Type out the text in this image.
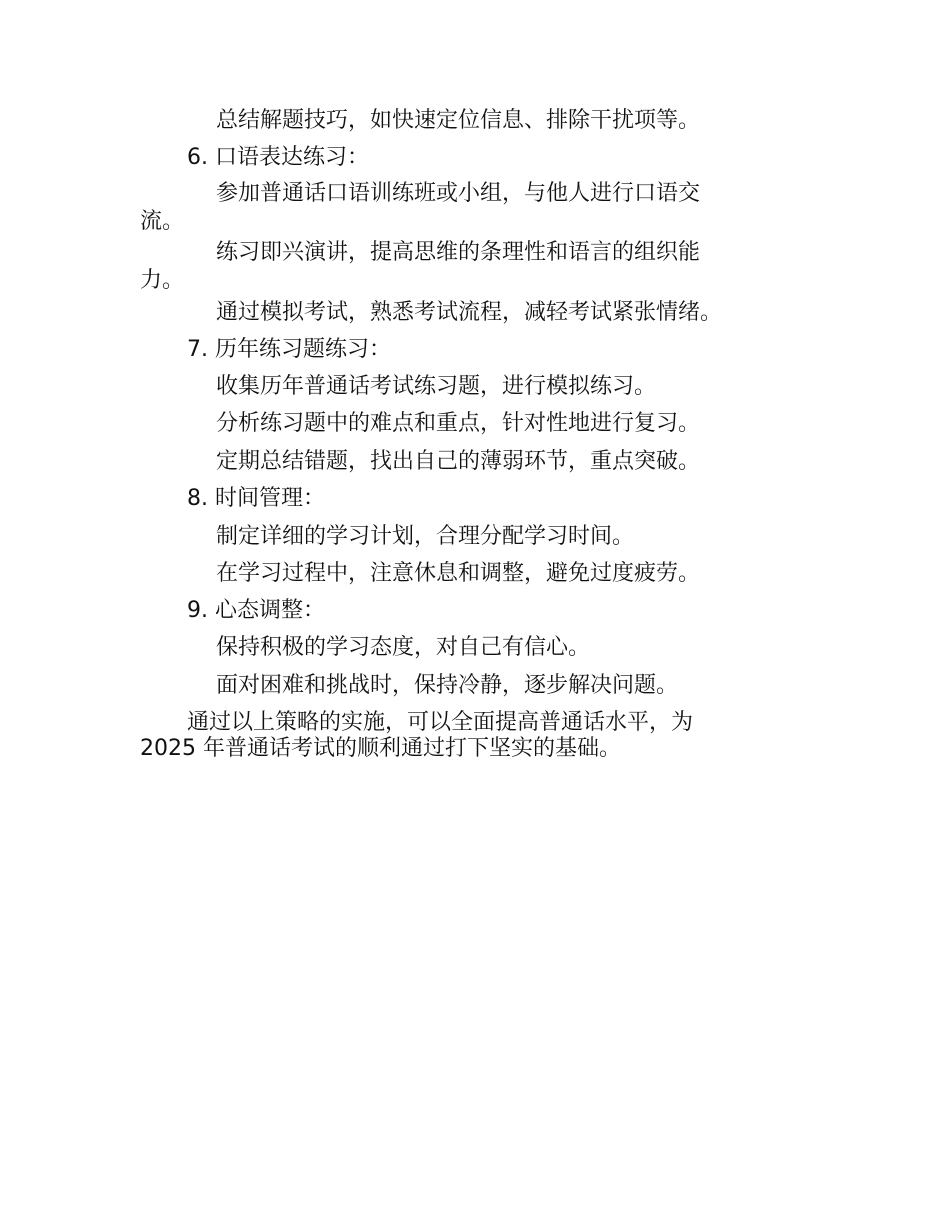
总结解题技巧，如快速定位信息、排除干扰项等。
6. 口语表达练习：
参加普通话口语训练班或小组，与他人进行口语交
流。
练习即兴演讲，提高思维的条理性和语言的组织能
力。
通过模拟考试，熟悉考试流程，减轻考试紧张情绪。
7. 历年练习题练习：
收集历年普通话考试练习题，进行模拟练习。
分析练习题中的难点和重点，针对性地进行复习。
定期总结错题，找出自己的薄弱环节，重点突破。
8. 时间管理：
制定详细的学习计划，合理分配学习时间。
在学习过程中，注意休息和调整，避免过度疲劳。
9. 心态调整：
保持积极的学习态度，对自己有信心。
面对困难和挑战时，保持冷静，逐步解决问题。
通过以上策略的实施，可以全面提高普通话水平，为
2025 年普通话考试的顺利通过打下坚实的基础。
